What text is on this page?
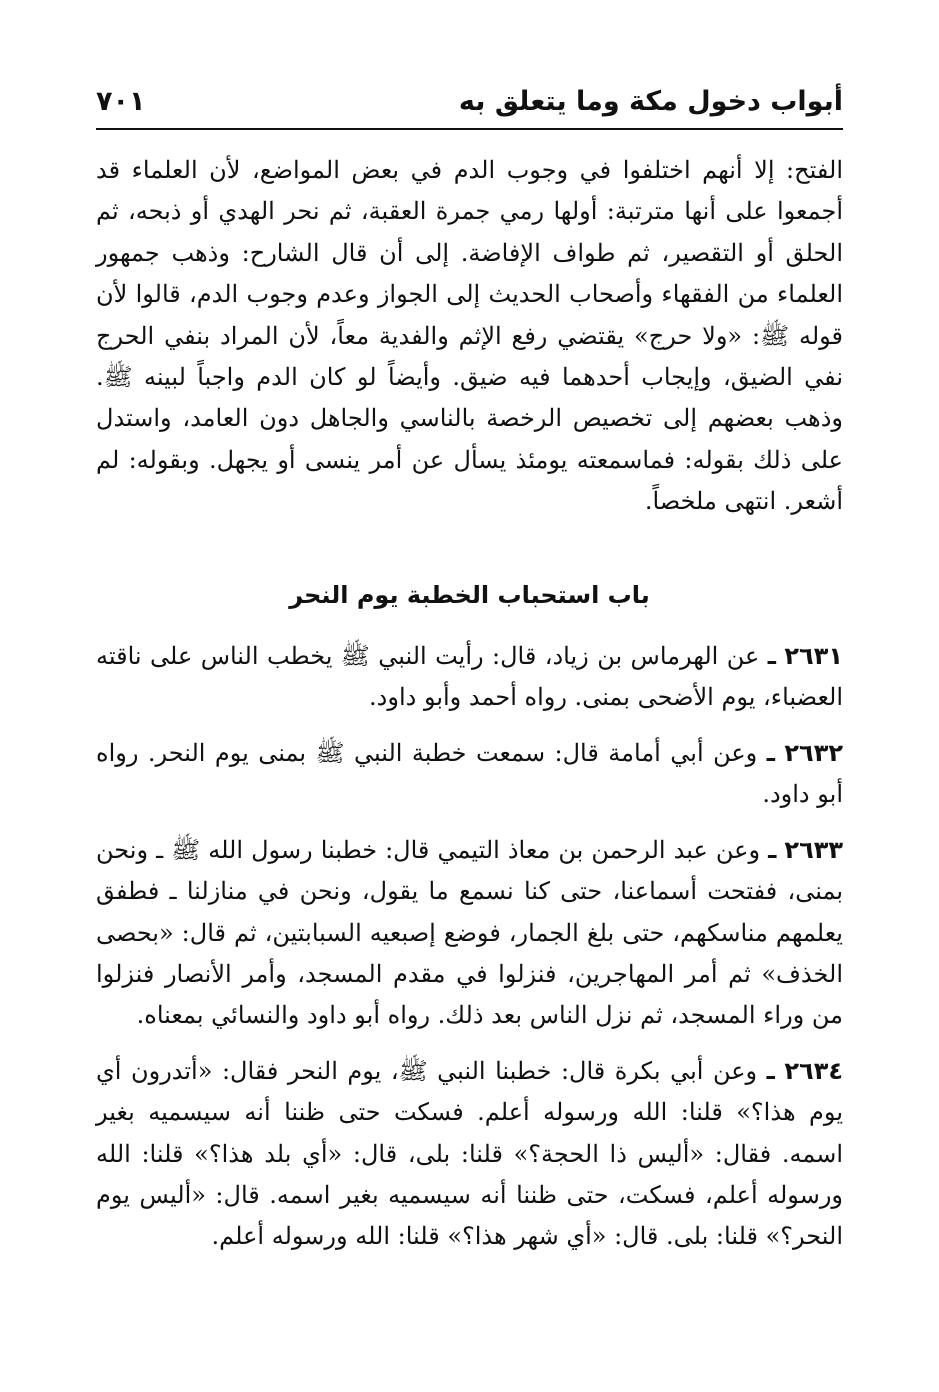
أبواب دخول مكة وما يتعلق به
٧٠١

الفتح: إلا أنهم اختلفوا في وجوب الدم في بعض المواضع، لأن العلماء قد أجمعوا على أنها مترتبة: أولها رمي جمرة العقبة، ثم نحر الهدي أو ذبحه، ثم الحلق أو التقصير، ثم طواف الإفاضة. إلى أن قال الشارح: وذهب جمهور العلماء من الفقهاء وأصحاب الحديث إلى الجواز وعدم وجوب الدم، قالوا لأن قوله ﷺ: «ولا حرج» يقتضي رفع الإثم والفدية معاً، لأن المراد بنفي الحرج نفي الضيق، وإيجاب أحدهما فيه ضيق. وأيضاً لو كان الدم واجباً لبينه ﷺ. وذهب بعضهم إلى تخصيص الرخصة بالناسي والجاهل دون العامد، واستدل على ذلك بقوله: فماسمعته يومئذ يسأل عن أمر ينسى أو يجهل. وبقوله: لم أشعر. انتهى ملخصاً.

باب استحباب الخطبة يوم النحر

٢٦٣١ ـ عن الهرماس بن زياد، قال: رأيت النبي ﷺ يخطب الناس على ناقته العضباء، يوم الأضحى بمنى. رواه أحمد وأبو داود.

٢٦٣٢ ـ وعن أبي أمامة قال: سمعت خطبة النبي ﷺ بمنى يوم النحر. رواه أبو داود.

٢٦٣٣ ـ وعن عبد الرحمن بن معاذ التيمي قال: خطبنا رسول الله ﷺ ـ ونحن بمنى، ففتحت أسماعنا، حتى كنا نسمع ما يقول، ونحن في منازلنا ـ فطفق يعلمهم مناسكهم، حتى بلغ الجمار، فوضع إصبعيه السبابتين، ثم قال: «بحصى الخذف» ثم أمر المهاجرين، فنزلوا في مقدم المسجد، وأمر الأنصار فنزلوا من وراء المسجد، ثم نزل الناس بعد ذلك. رواه أبو داود والنسائي بمعناه.

٢٦٣٤ ـ وعن أبي بكرة قال: خطبنا النبي ﷺ، يوم النحر فقال: «أتدرون أي يوم هذا؟» قلنا: الله ورسوله أعلم. فسكت حتى ظننا أنه سيسميه بغير اسمه. فقال: «أليس ذا الحجة؟» قلنا: بلى، قال: «أي بلد هذا؟» قلنا: الله ورسوله أعلم، فسكت، حتى ظننا أنه سيسميه بغير اسمه. قال: «أليس يوم النحر؟» قلنا: بلى. قال: «أي شهر هذا؟» قلنا: الله ورسوله أعلم.
